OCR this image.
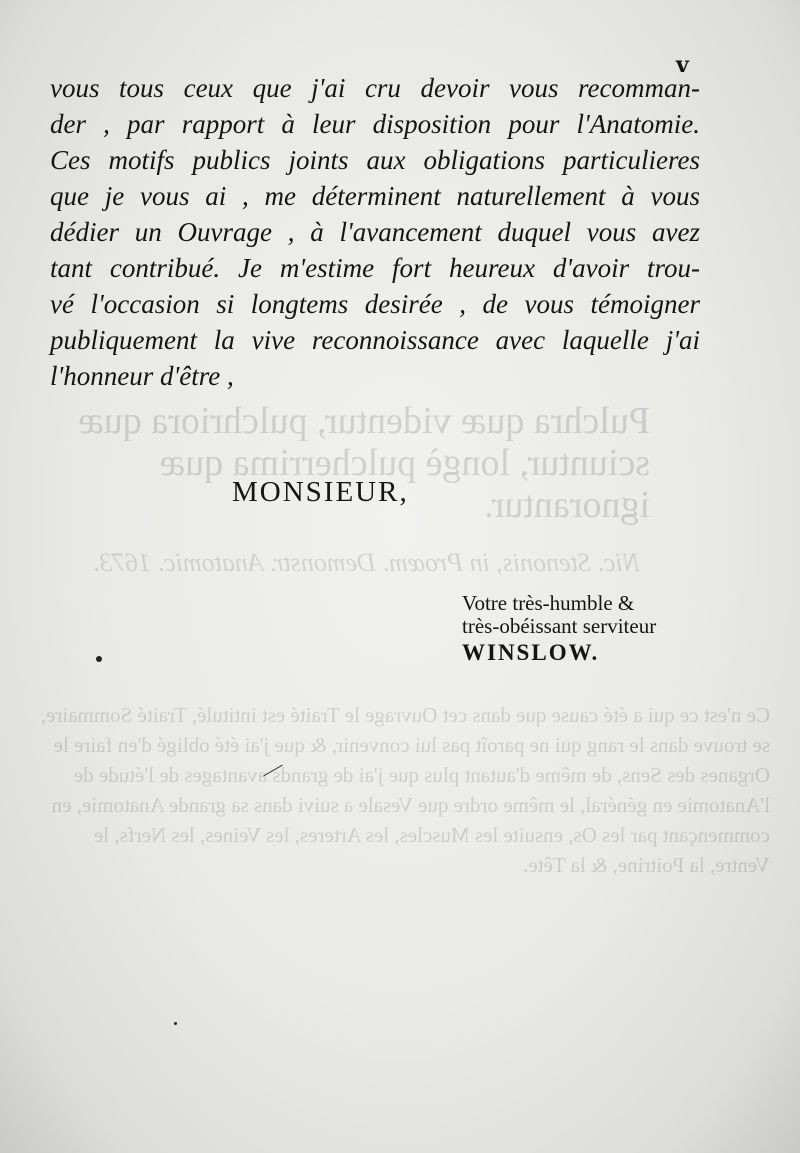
Pulchra quæ videntur, pulchriora quæ sciuntur, longè pulcherrima quæ ignorantur.
Nic. Stenonis, in Proœm. Demonstr. Anatomic. 1673.
Ce n'est ce qui a été cause que dans cet Ouvrage le Traité est intitulé, Traité Sommaire, se trouve dans le rang qui ne paroît pas lui convenir, & que j'ai été obligé d'en faire le Organes des Sens, de même d'autant plus que j'ai de grands avantages de l'étude de l'Anatomie en général, le même ordre que Vesale a suivi dans sa grande Anatomie, en commençant par les Os, ensuite les Muscles, les Arteres, les Veines, les Nerfs, le Ventre, la Poitrine, & la Tête.
v
vous tous ceux que j'ai cru devoir vous recomman-
der , par rapport à leur disposition pour l'Anatomie.
Ces motifs publics joints aux obligations particulieres
que je vous ai , me déterminent naturellement à vous
dédier un Ouvrage , à l'avancement duquel vous avez
tant contribué. Je m'estime fort heureux d'avoir trou-
vé l'occasion si longtems desirée , de vous témoigner
publiquement la vive reconnoissance avec laquelle j'ai
l'honneur d'être ,
MONSIEUR,
Votre très-humble &
très-obéissant serviteur
WINSLOW.
